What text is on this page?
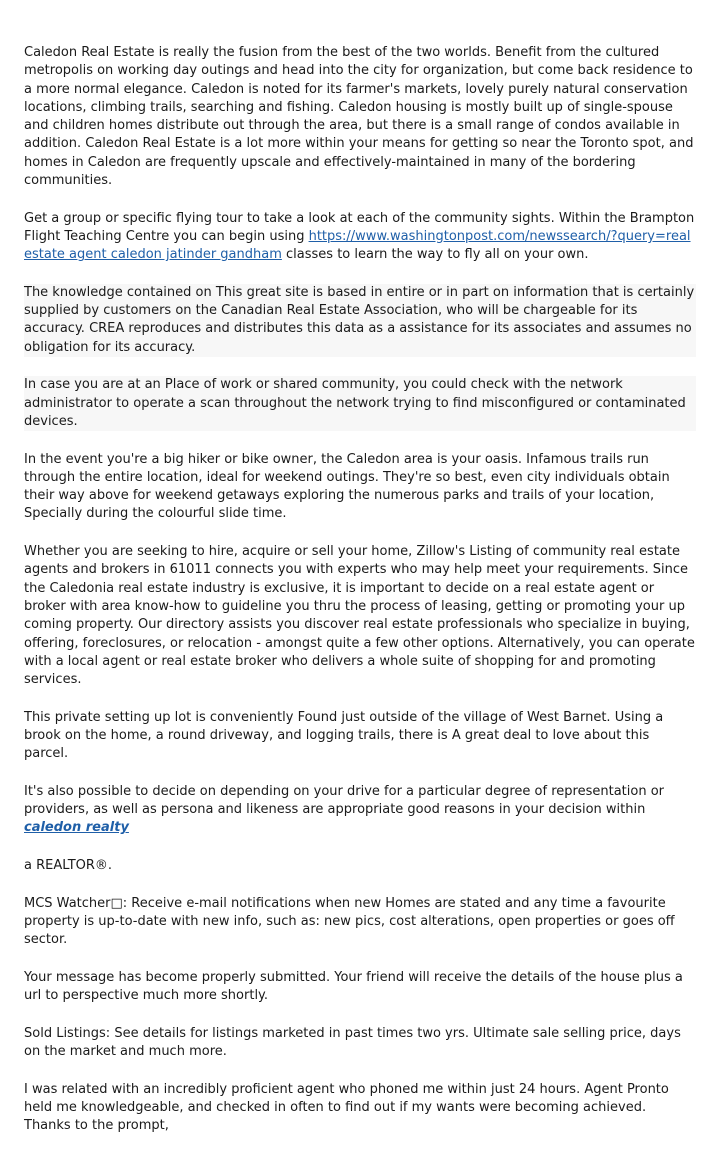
Caledon Real Estate is really the fusion from the best of the two worlds. Benefit from the cultured metropolis on working day outings and head into the city for organization, but come back residence to a more normal elegance. Caledon is noted for its farmer's markets, lovely purely natural conservation locations, climbing trails, searching and fishing. Caledon housing is mostly built up of single-spouse and children homes distribute out through the area, but there is a small range of condos available in addition. Caledon Real Estate is a lot more within your means for getting so near the Toronto spot, and homes in Caledon are frequently upscale and effectively-maintained in many of the bordering communities.

Get a group or specific flying tour to take a look at each of the community sights. Within the Brampton Flight Teaching Centre you can begin using https://www.washingtonpost.com/newssearch/?query=real estate agent caledon jatinder gandham classes to learn the way to fly all on your own.

The knowledge contained on This great site is based in entire or in part on information that is certainly supplied by customers on the Canadian Real Estate Association, who will be chargeable for its accuracy. CREA reproduces and distributes this data as a assistance for its associates and assumes no obligation for its accuracy.

In case you are at an Place of work or shared community, you could check with the network administrator to operate a scan throughout the network trying to find misconfigured or contaminated devices.

In the event you're a big hiker or bike owner, the Caledon area is your oasis. Infamous trails run through the entire location, ideal for weekend outings. They're so best, even city individuals obtain their way above for weekend getaways exploring the numerous parks and trails of your location, Specially during the colourful slide time.

Whether you are seeking to hire, acquire or sell your home, Zillow's Listing of community real estate agents and brokers in 61011 connects you with experts who may help meet your requirements. Since the Caledonia real estate industry is exclusive, it is important to decide on a real estate agent or broker with area know-how to guideline you thru the process of leasing, getting or promoting your up coming property. Our directory assists you discover real estate professionals who specialize in buying, offering, foreclosures, or relocation - amongst quite a few other options. Alternatively, you can operate with a local agent or real estate broker who delivers a whole suite of shopping for and promoting services.

This private setting up lot is conveniently Found just outside of the village of West Barnet. Using a brook on the home, a round driveway, and logging trails, there is A great deal to love about this parcel.

It's also possible to decide on depending on your drive for a particular degree of representation or providers, as well as persona and likeness are appropriate good reasons in your decision within caledon realty

a REALTOR®.

MCS Watcher□: Receive e-mail notifications when new Homes are stated and any time a favourite property is up-to-date with new info, such as: new pics, cost alterations, open properties or goes off sector.

Your message has become properly submitted. Your friend will receive the details of the house plus a url to perspective much more shortly.

Sold Listings: See details for listings marketed in past times two yrs. Ultimate sale selling price, days on the market and much more.

I was related with an incredibly proficient agent who phoned me within just 24 hours. Agent Pronto held me knowledgeable, and checked in often to find out if my wants were becoming achieved. Thanks to the prompt,
